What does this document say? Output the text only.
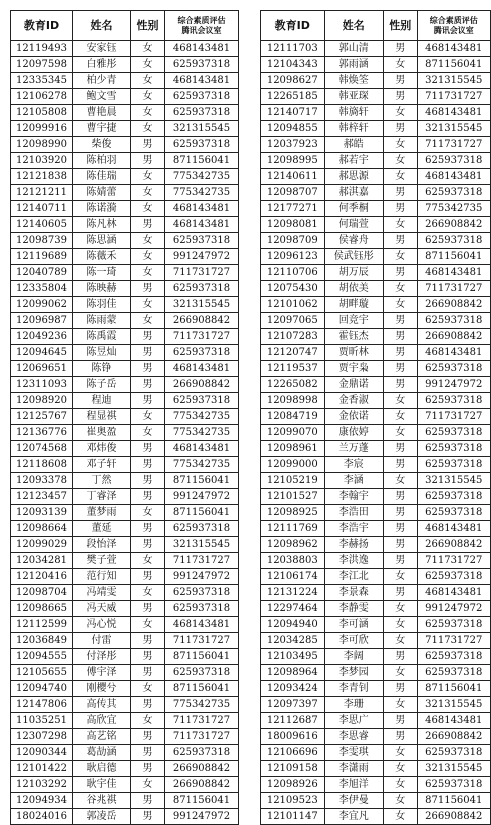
教育ID	姓名	性别	综合素质评估
腾讯会议室
12119493	安家钰	女	468143481
12097598	白雅彤	女	625937318
12335345	柏少青	女	468143481
12106278	鲍文雪	女	625937318
12105808	曹艳晨	女	625937318
12099916	曹宇捷	女	321315545
12098990	柴俊	男	625937318
12103920	陈柏羽	男	871156041
12121838	陈佳瑞	女	775342735
12121211	陈婧蕾	女	775342735
12140711	陈诺漪	女	468143481
12140605	陈凡林	男	468143481
12098739	陈思涵	女	625937318
12119689	陈薇禾	女	991247972
12040789	陈一琦	女	711731727
12335804	陈映赫	男	625937318
12099062	陈羽佳	女	321315545
12096987	陈雨蒙	女	266908842
12049236	陈禹霞	男	711731727
12094645	陈昱灿	男	625937318
12069651	陈铮	男	468143481
12311093	陈子岳	男	266908842
12098920	程迪	男	625937318
12125767	程显祺	女	775342735
12136776	崔奥盈	女	775342735
12074568	邓炜俊	男	468143481
12118608	邓子轩	男	775342735
12093378	丁然	男	871156041
12123457	丁睿泽	男	991247972
12093139	董梦雨	女	871156041
12098664	董延	男	625937318
12099029	段怡泽	男	321315545
12034281	樊子萱	女	711731727
12120416	范行知	男	991247972
12098704	冯靖雯	女	625937318
12098665	冯天威	男	625937318
12112599	冯心悦	女	468143481
12036849	付雷	男	711731727
12094555	付泽彤	男	871156041
12105655	傅宇泽	男	625937318
12094740	刚樱兮	女	871156041
12147806	高传其	男	775342735
11035251	高欣宜	女	711731727
12307298	高艺铭	男	711731727
12090344	葛劼涵	男	625937318
12101422	耿启德	男	266908842
12103292	耿宇佳	女	266908842
12094934	谷兆祺	男	871156041
18024016	郭凌岳	男	991247972
教育ID	姓名	性别	综合素质评估
腾讯会议室
12111703	郭山清	男	468143481
12104343	郭雨涵	女	871156041
12098627	韩焕筌	男	321315545
12265185	韩亚琛	男	711731727
12140717	韩旖轩	女	468143481
12094855	韩梓轩	男	321315545
12037923	郝皓	女	711731727
12098995	郝若宇	女	625937318
12140611	郝思源	女	468143481
12098707	郝淇嘉	男	625937318
12177271	何季桐	男	775342735
12098081	何瑞萱	女	266908842
12098709	侯睿舟	男	625937318
12096123	侯武钰彤	女	871156041
12110706	胡万辰	男	468143481
12075430	胡依美	女	711731727
12101062	胡畔璇	女	266908842
12097065	回竞宇	男	625937318
12107283	霍钰杰	男	266908842
12120747	贾昕林	男	468143481
12119537	贾宇枭	男	625937318
12265082	金鼎诺	男	991247972
12098998	金香淑	女	625937318
12084719	金依诺	女	711731727
12099070	康依婷	女	625937318
12098961	兰万蓬	男	625937318
12099000	李宸	男	625937318
12105219	李涵	女	321315545
12101527	李翰宇	男	625937318
12098925	李浩田	男	625937318
12111769	李浩宇	男	468143481
12098962	李赫扬	男	266908842
12038803	李洪逸	男	711731727
12106174	李江北	女	625937318
12131224	李景森	男	468143481
12297464	李静雯	女	991247972
12094940	李可涵	女	625937318
12034285	李可欣	女	711731727
12103495	李阔	男	625937318
12098964	李梦园	女	625937318
12093424	李青钊	男	871156041
12097397	李珊	女	321315545
12112687	李思广	男	468143481
18009616	李思睿	男	266908842
12106696	李雯琪	女	625937318
12109158	李潇雨	女	321315545
12098926	李旭洋	女	625937318
12109523	李伊曼	女	871156041
12101147	李宜凡	女	266908842
